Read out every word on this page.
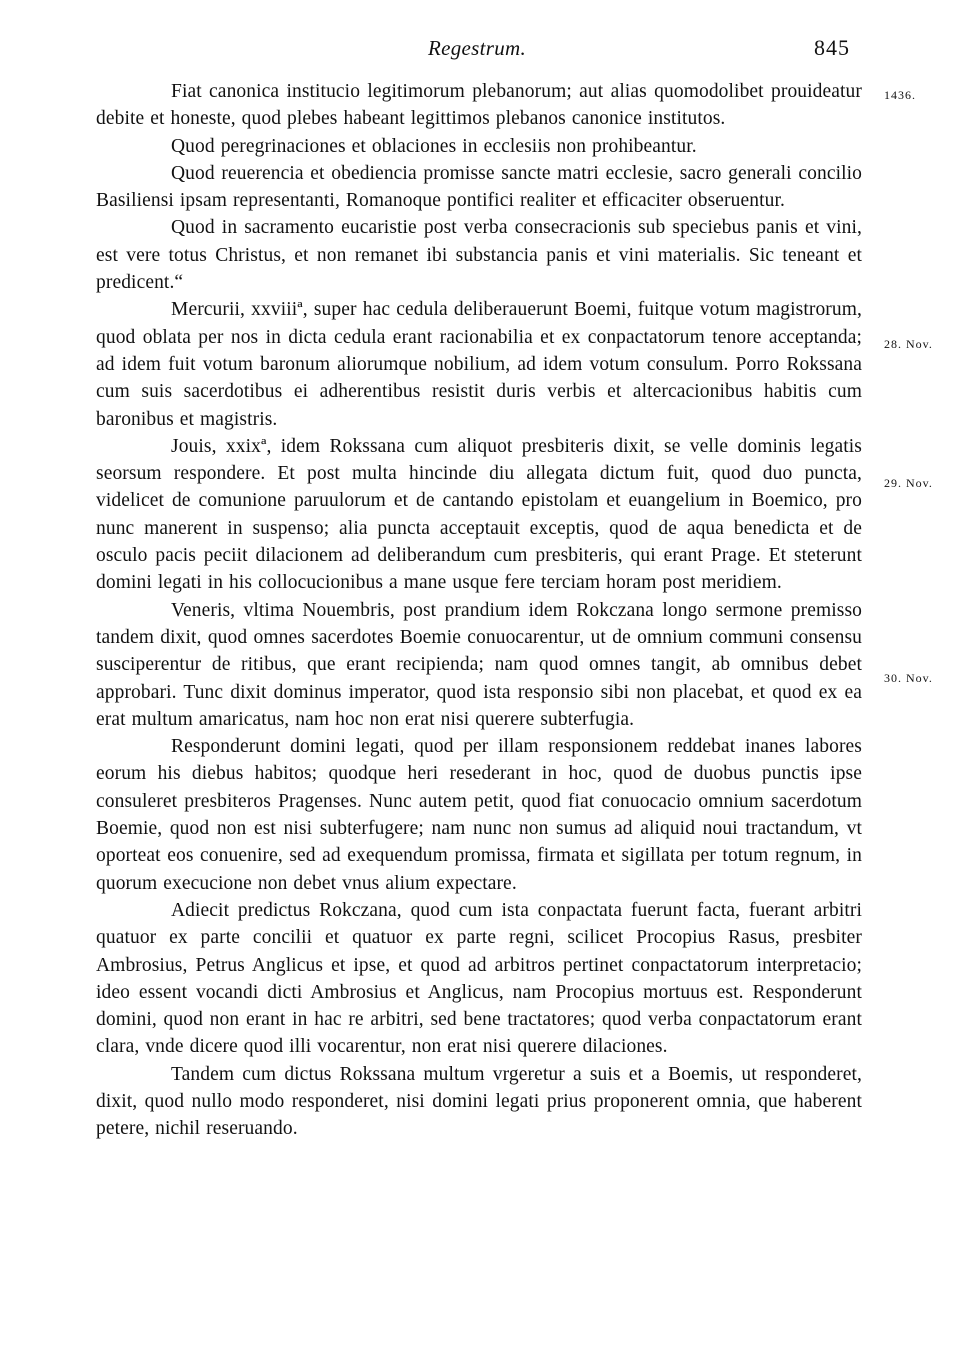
Regestrum.	845
1436.
28. Nov.
29. Nov.
30. Nov.

Fiat canonica institucio legitimorum plebanorum; aut alias quomodolibet prouideatur debite et honeste, quod plebes habeant legittimos plebanos canonice institutos.

Quod peregrinaciones et oblaciones in ecclesiis non prohibeantur.

Quod reuerencia et obediencia promisse sancte matri ecclesie, sacro generali concilio Basiliensi ipsam representanti, Romanoque pontifici realiter et efficaciter obseruentur.

Quod in sacramento eucaristie post verba consecracionis sub speciebus panis et vini, est vere totus Christus, et non remanet ibi substancia panis et vini materialis. Sic teneant et predicent.“

Mercurii, xxviiiª, super hac cedula deliberauerunt Boemi, fuitque votum magistrorum, quod oblata per nos in dicta cedula erant racionabilia et ex conpactatorum tenore acceptanda; ad idem fuit votum baronum aliorumque nobilium, ad idem votum consulum. Porro Rokssana cum suis sacerdotibus ei adherentibus resistit duris verbis et altercacionibus habitis cum baronibus et magistris.

Jouis, xxixª, idem Rokssana cum aliquot presbiteris dixit, se velle dominis legatis seorsum respondere. Et post multa hincinde diu allegata dictum fuit, quod duo puncta, videlicet de comunione paruulorum et de cantando epistolam et euangelium in Boemico, pro nunc manerent in suspenso; alia puncta acceptauit exceptis, quod de aqua benedicta et de osculo pacis peciit dilacionem ad deliberandum cum presbiteris, qui erant Prage. Et steterunt domini legati in his collocucionibus a mane usque fere terciam horam post meridiem.

Veneris, vltima Nouembris, post prandium idem Rokczana longo sermone premisso tandem dixit, quod omnes sacerdotes Boemie conuocarentur, ut de omnium communi consensu susciperentur de ritibus, que erant recipienda; nam quod omnes tangit, ab omnibus debet approbari. Tunc dixit dominus imperator, quod ista responsio sibi non placebat, et quod ex ea erat multum amaricatus, nam hoc non erat nisi querere subterfugia.

Responderunt domini legati, quod per illam responsionem reddebat inanes labores eorum his diebus habitos; quodque heri resederant in hoc, quod de duobus punctis ipse consuleret presbiteros Pragenses. Nunc autem petit, quod fiat conuocacio omnium sacerdotum Boemie, quod non est nisi subterfugere; nam nunc non sumus ad aliquid noui tractandum, vt oporteat eos conuenire, sed ad exequendum promissa, firmata et sigillata per totum regnum, in quorum execucione non debet vnus alium expectare.

Adiecit predictus Rokczana, quod cum ista conpactata fuerunt facta, fuerant arbitri quatuor ex parte concilii et quatuor ex parte regni, scilicet Procopius Rasus, presbiter Ambrosius, Petrus Anglicus et ipse, et quod ad arbitros pertinet conpactatorum interpretacio; ideo essent vocandi dicti Ambrosius et Anglicus, nam Procopius mortuus est. Responderunt domini, quod non erant in hac re arbitri, sed bene tractatores; quod verba conpactatorum erant clara, vnde dicere quod illi vocarentur, non erat nisi querere dilaciones.

Tandem cum dictus Rokssana multum vrgeretur a suis et a Boemis, ut responderet, dixit, quod nullo modo responderet, nisi domini legati prius proponerent omnia, que haberent petere, nichil reseruando.
